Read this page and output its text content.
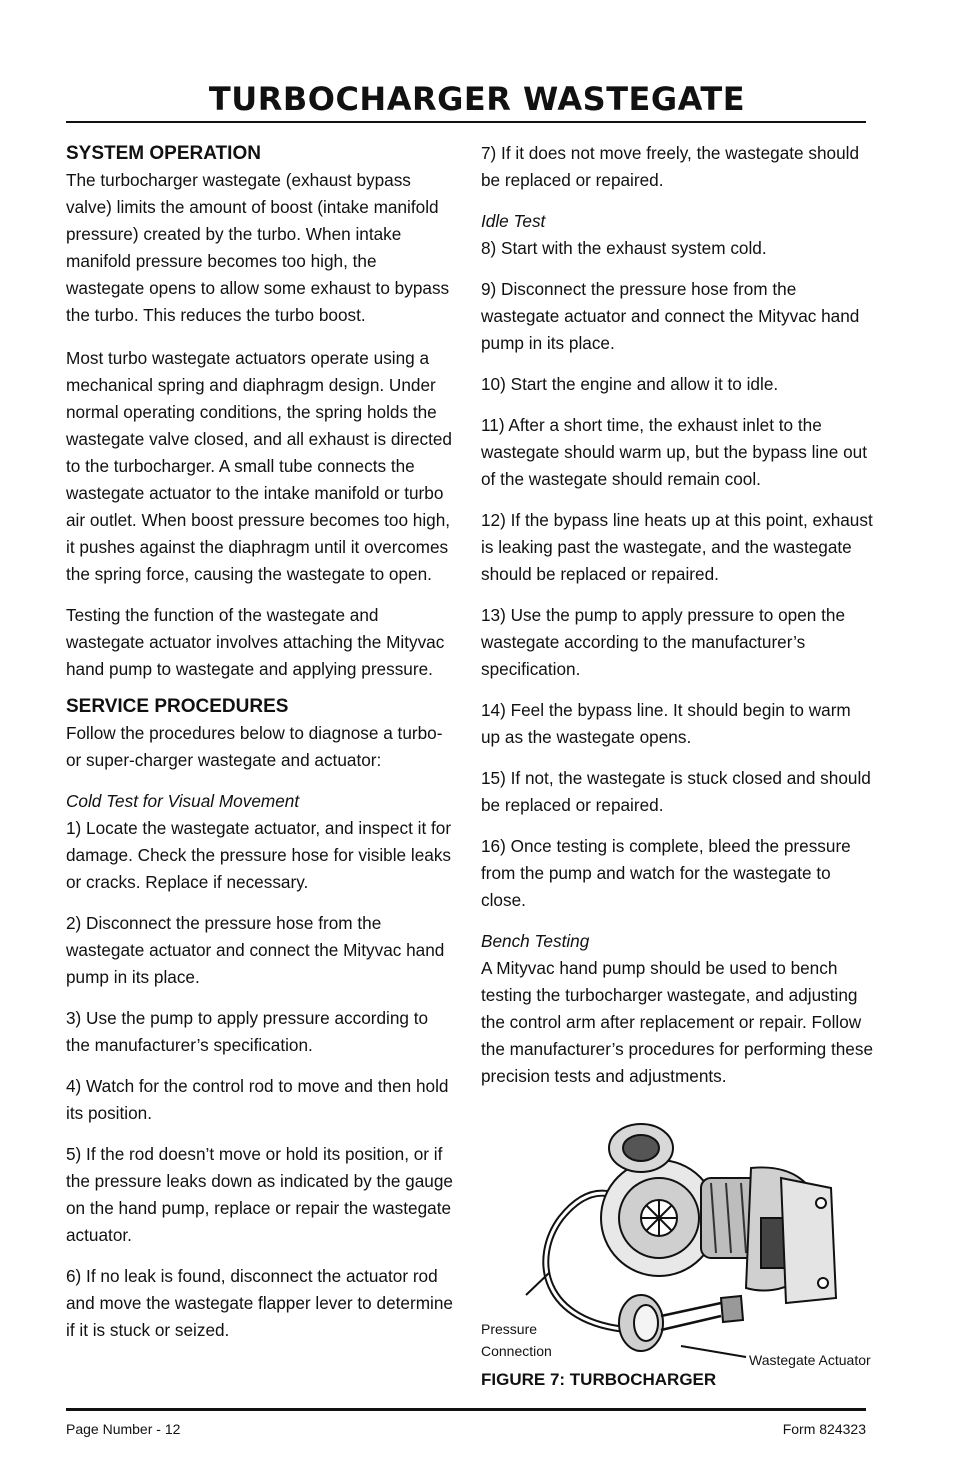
TURBOCHARGER WASTEGATE

SYSTEM OPERATION

The turbocharger wastegate (exhaust bypass valve) limits the amount of boost (intake manifold pressure) created by the turbo. When intake manifold pressure becomes too high, the wastegate opens to allow some exhaust to bypass the turbo. This reduces the turbo boost.

Most turbo wastegate actuators operate using a mechanical spring and diaphragm design. Under normal operating conditions, the spring holds the wastegate valve closed, and all exhaust is directed to the turbocharger. A small tube connects the wastegate actuator to the intake manifold or turbo air outlet. When boost pressure becomes too high, it pushes against the diaphragm until it overcomes the spring force, causing the wastegate to open.

Testing the function of the wastegate and wastegate actuator involves attaching the Mityvac hand pump to wastegate and applying pressure.

SERVICE PROCEDURES

Follow the procedures below to diagnose a turbo- or super-charger wastegate and actuator:

Cold Test for Visual Movement

1) Locate the wastegate actuator, and inspect it for damage. Check the pressure hose for visible leaks or cracks. Replace if necessary.

2) Disconnect the pressure hose from the wastegate actuator and connect the Mityvac hand pump in its place.

3) Use the pump to apply pressure according to the manufacturer’s specification.

4) Watch for the control rod to move and then hold its position.

5) If the rod doesn’t move or hold its position, or if the pressure leaks down as indicated by the gauge on the hand pump, replace or repair the wastegate actuator.

6) If no leak is found, disconnect the actuator rod and move the wastegate flapper lever to determine if it is stuck or seized.

7) If it does not move freely, the wastegate should be replaced or repaired.

Idle Test

8) Start with the exhaust system cold.

9) Disconnect the pressure hose from the wastegate actuator and connect the Mityvac hand pump in its place.

10) Start the engine and allow it to idle.

11) After a short time, the exhaust inlet to the wastegate should warm up, but the bypass line out of the wastegate should remain cool.

12) If the bypass line heats up at this point, exhaust is leaking past the wastegate, and the wastegate should be replaced or repaired.

13) Use the pump to apply pressure to open the wastegate according to the manufacturer’s specification.

14) Feel the bypass line. It should begin to warm up as the wastegate opens.

15) If not, the wastegate is stuck closed and should be replaced or repaired.

16) Once testing is complete, bleed the pressure from the pump and watch for the wastegate to close.

Bench Testing

A Mityvac hand pump should be used to bench testing the turbocharger wastegate, and adjusting the control arm after replacement or repair. Follow the manufacturer’s procedures for performing these precision tests and adjustments.

Pressure
Connection
Wastegate Actuator
FIGURE 7: TURBOCHARGER
Page Number - 12	Form 824323
